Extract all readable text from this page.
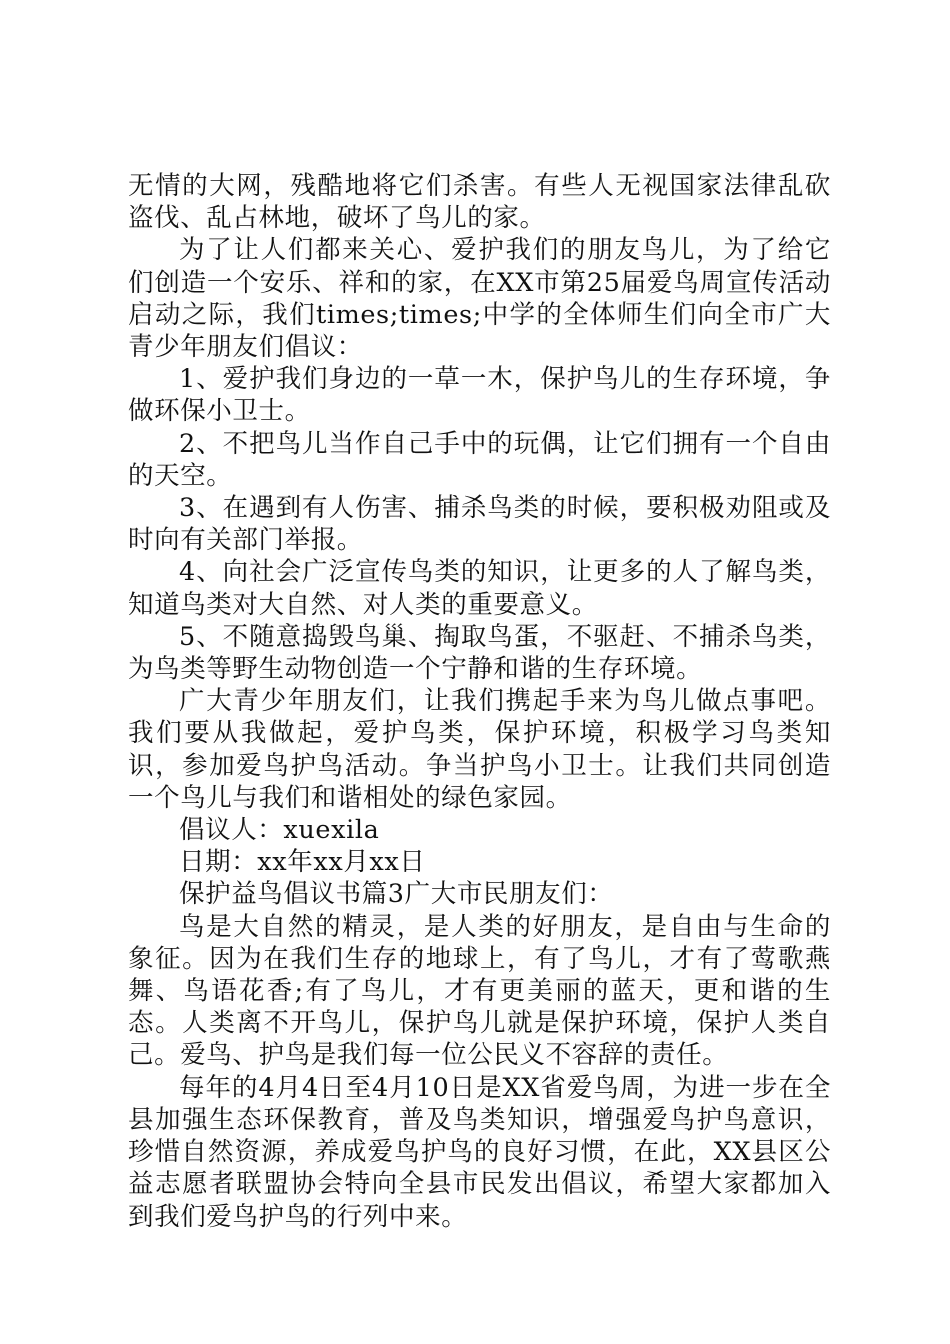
无情的大网，残酷地将它们杀害。有些人无视国家法律乱砍盗伐、乱占林地，破坏了鸟儿的家。

为了让人们都来关心、爱护我们的朋友鸟儿，为了给它们创造一个安乐、祥和的家，在XX市第25届爱鸟周宣传活动启动之际，我们times;times;中学的全体师生们向全市广大青少年朋友们倡议：

1、爱护我们身边的一草一木，保护鸟儿的生存环境，争做环保小卫士。

2、不把鸟儿当作自己手中的玩偶，让它们拥有一个自由的天空。

3、在遇到有人伤害、捕杀鸟类的时候，要积极劝阻或及时向有关部门举报。

4、向社会广泛宣传鸟类的知识，让更多的人了解鸟类，知道鸟类对大自然、对人类的重要意义。

5、不随意捣毁鸟巢、掏取鸟蛋，不驱赶、不捕杀鸟类，为鸟类等野生动物创造一个宁静和谐的生存环境。

广大青少年朋友们，让我们携起手来为鸟儿做点事吧。我们要从我做起，爱护鸟类，保护环境，积极学习鸟类知识，参加爱鸟护鸟活动。争当护鸟小卫士。让我们共同创造一个鸟儿与我们和谐相处的绿色家园。

倡议人：xuexila

日期：xx年xx月xx日

保护益鸟倡议书篇3广大市民朋友们：

鸟是大自然的精灵，是人类的好朋友，是自由与生命的象征。因为在我们生存的地球上，有了鸟儿，才有了莺歌燕舞、鸟语花香;有了鸟儿，才有更美丽的蓝天，更和谐的生态。人类离不开鸟儿，保护鸟儿就是保护环境，保护人类自己。爱鸟、护鸟是我们每一位公民义不容辞的责任。

每年的4月4日至4月10日是XX省爱鸟周，为进一步在全县加强生态环保教育，普及鸟类知识，增强爱鸟护鸟意识，珍惜自然资源，养成爱鸟护鸟的良好习惯，在此，XX县区公益志愿者联盟协会特向全县市民发出倡议，希望大家都加入到我们爱鸟护鸟的行列中来。
